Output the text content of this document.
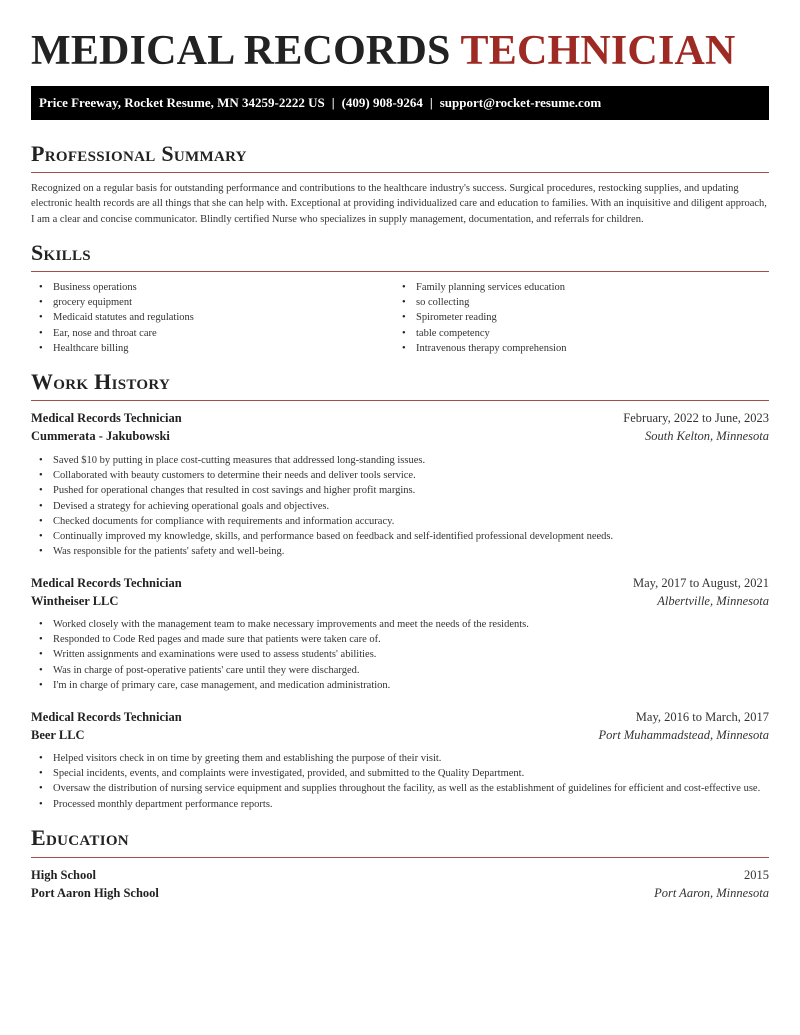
MEDICAL RECORDS TECHNICIAN
Price Freeway, Rocket Resume, MN 34259-2222 US | (409) 908-9264 | support@rocket-resume.com
Professional Summary

Recognized on a regular basis for outstanding performance and contributions to the healthcare industry's success. Surgical procedures, restocking supplies, and updating electronic health records are all things that she can help with. Exceptional at providing individualized care and education to families. With an inquisitive and diligent approach, I am a clear and concise communicator. Blindly certified Nurse who specializes in supply management, documentation, and referrals for children.

Skills
• Business operations
• grocery equipment
• Medicaid statutes and regulations
• Ear, nose and throat care
• Healthcare billing
• Family planning services education
• so collecting
• Spirometer reading
• table competency
• Intravenous therapy comprehension
Work History
Medical Records Technician	February, 2022 to June, 2023
Cummerata - Jakubowski	South Kelton, Minnesota
• Saved $10 by putting in place cost-cutting measures that addressed long-standing issues.
• Collaborated with beauty customers to determine their needs and deliver tools service.
• Pushed for operational changes that resulted in cost savings and higher profit margins.
• Devised a strategy for achieving operational goals and objectives.
• Checked documents for compliance with requirements and information accuracy.
• Continually improved my knowledge, skills, and performance based on feedback and self-identified professional development needs.
• Was responsible for the patients' safety and well-being.
Medical Records Technician	May, 2017 to August, 2021
Wintheiser LLC	Albertville, Minnesota
• Worked closely with the management team to make necessary improvements and meet the needs of the residents.
• Responded to Code Red pages and made sure that patients were taken care of.
• Written assignments and examinations were used to assess students' abilities.
• Was in charge of post-operative patients' care until they were discharged.
• I'm in charge of primary care, case management, and medication administration.
Medical Records Technician	May, 2016 to March, 2017
Beer LLC	Port Muhammadstead, Minnesota
• Helped visitors check in on time by greeting them and establishing the purpose of their visit.
• Special incidents, events, and complaints were investigated, provided, and submitted to the Quality Department.
• Oversaw the distribution of nursing service equipment and supplies throughout the facility, as well as the establishment of guidelines for efficient and cost-effective use.
• Processed monthly department performance reports.
Education
High School	2015
Port Aaron High School	Port Aaron, Minnesota
